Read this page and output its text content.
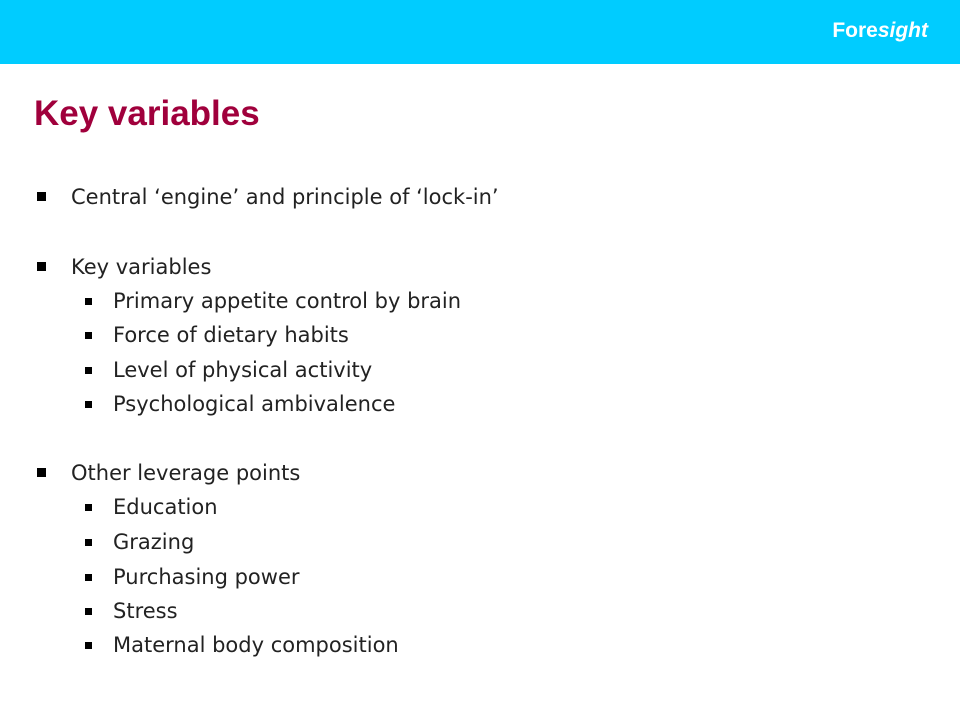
Foresight
Key variables
Central ‘engine’ and principle of ‘lock-in’
Key variables
Primary appetite control by brain
Force of dietary habits
Level of physical activity
Psychological ambivalence
Other leverage points
Education
Grazing
Purchasing power
Stress
Maternal body composition
